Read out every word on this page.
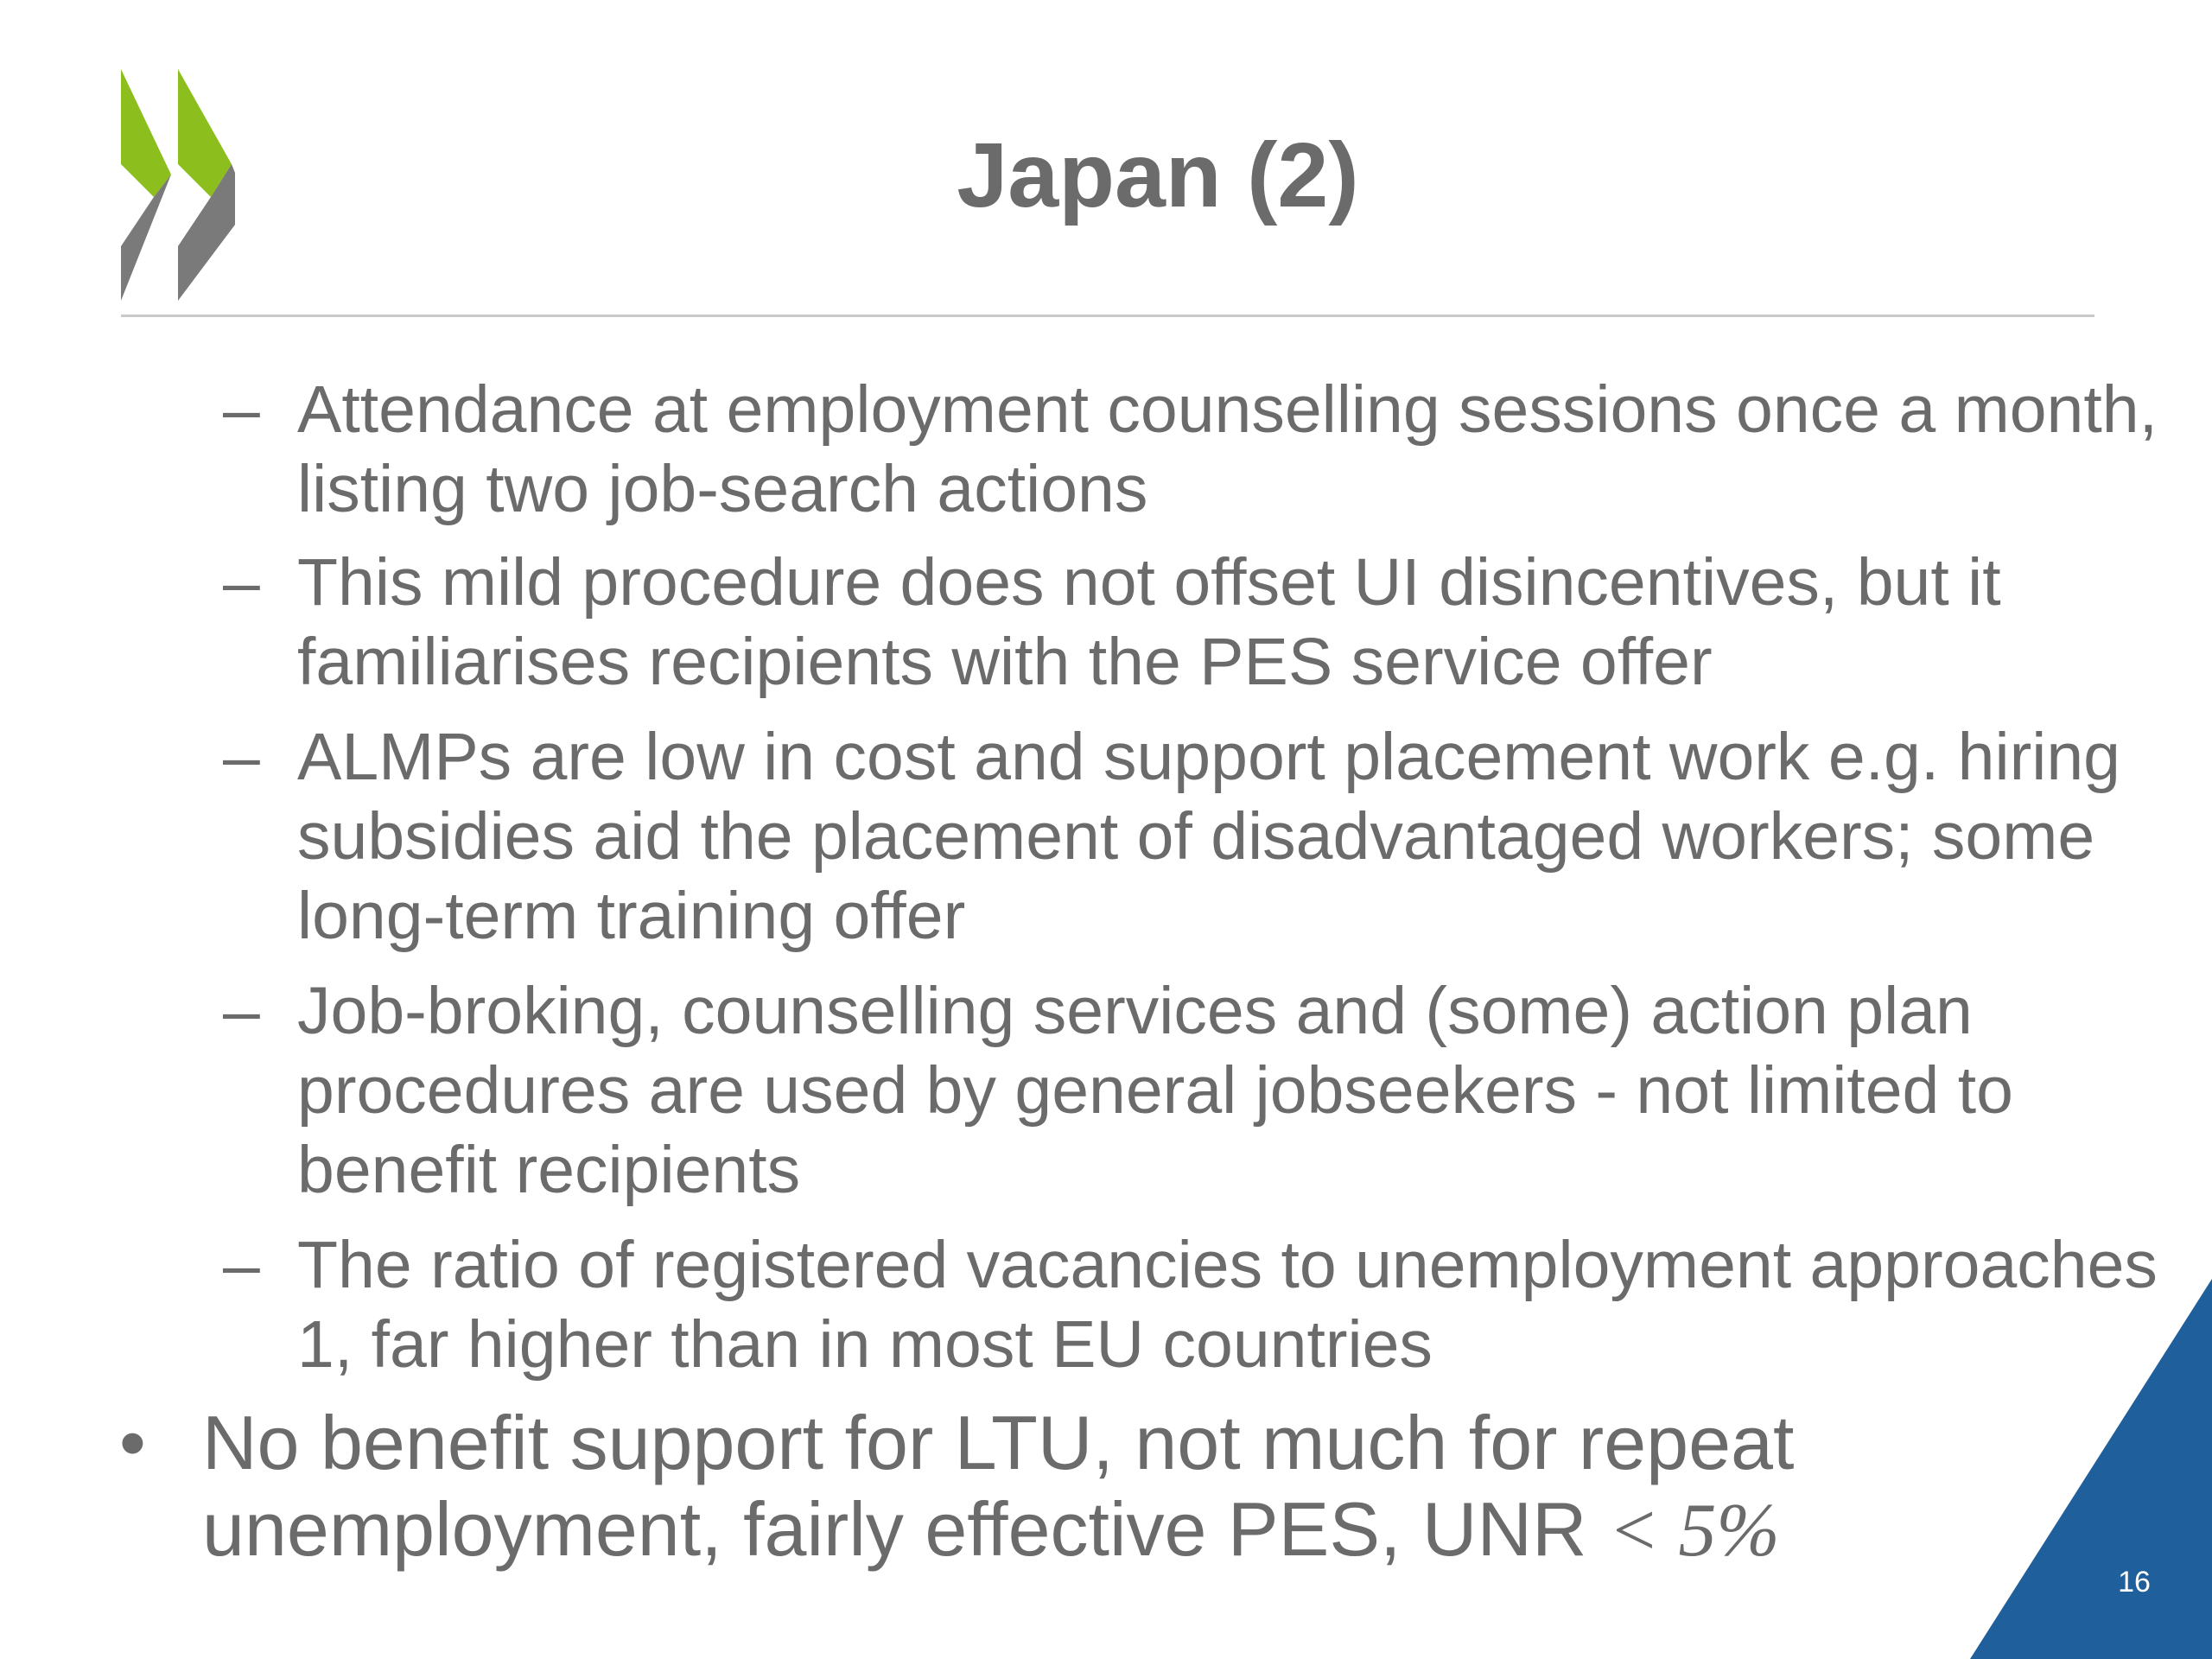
Japan (2)
– Attendance at employment counselling sessions once a month, listing two job-search actions
– This mild procedure does not offset UI disincentives, but it familiarises recipients with the PES service offer
– ALMPs are low in cost and support placement work e.g. hiring subsidies aid the placement of disadvantaged workers; some long-term training offer
– Job-broking, counselling services and (some) action plan procedures are used by general jobseekers - not limited to benefit recipients
– The ratio of registered vacancies to unemployment approaches 1, far higher than in most EU countries
• No benefit support for LTU, not much for repeat unemployment, fairly effective PES, UNR < 5%
16
